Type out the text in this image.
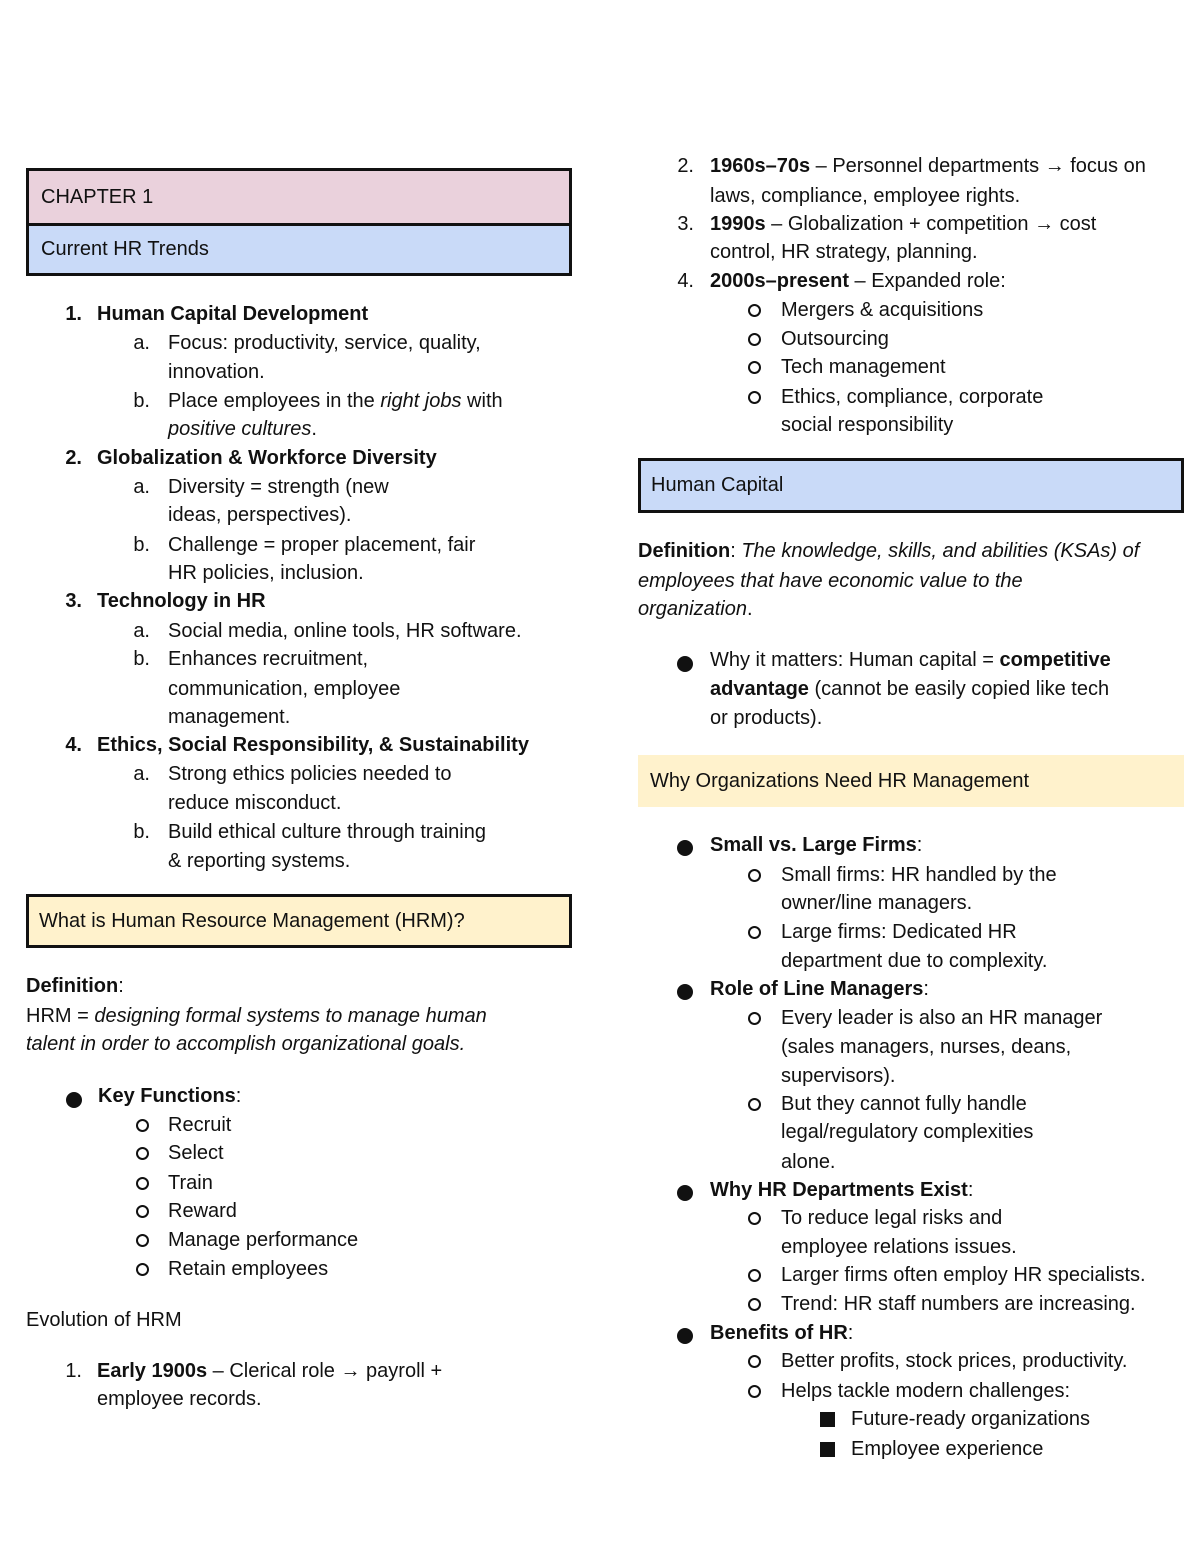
CHAPTER 1
Current HR Trends
1. Human Capital Development
a. Focus: productivity, service, quality,
innovation.
b. Place employees in the right jobs with
positive cultures.
2. Globalization & Workforce Diversity
a. Diversity = strength (new
ideas, perspectives).
b. Challenge = proper placement, fair
HR policies, inclusion.
3. Technology in HR
a. Social media, online tools, HR software.
b. Enhances recruitment,
communication, employee
management.
4. Ethics, Social Responsibility, & Sustainability
a. Strong ethics policies needed to
reduce misconduct.
b. Build ethical culture through training
& reporting systems.
What is Human Resource Management (HRM)?
Definition:
HRM = designing formal systems to manage human
talent in order to accomplish organizational goals.
Key Functions:
Recruit
Select
Train
Reward
Manage performance
Retain employees
Evolution of HRM
1. Early 1900s – Clerical role → payroll +
employee records.
2. 1960s–70s – Personnel departments → focus on
laws, compliance, employee rights.
3. 1990s – Globalization + competition → cost
control, HR strategy, planning.
4. 2000s–present – Expanded role:
Mergers & acquisitions
Outsourcing
Tech management
Ethics, compliance, corporate
social responsibility
Human Capital
Definition: The knowledge, skills, and abilities (KSAs) of
employees that have economic value to the
organization.
Why it matters: Human capital = competitive
advantage (cannot be easily copied like tech
or products).
Why Organizations Need HR Management
Small vs. Large Firms:
Small firms: HR handled by the
owner/line managers.
Large firms: Dedicated HR
department due to complexity.
Role of Line Managers:
Every leader is also an HR manager
(sales managers, nurses, deans,
supervisors).
But they cannot fully handle
legal/regulatory complexities
alone.
Why HR Departments Exist:
To reduce legal risks and
employee relations issues.
Larger firms often employ HR specialists.
Trend: HR staff numbers are increasing.
Benefits of HR:
Better profits, stock prices, productivity.
Helps tackle modern challenges:
Future-ready organizations
Employee experience
